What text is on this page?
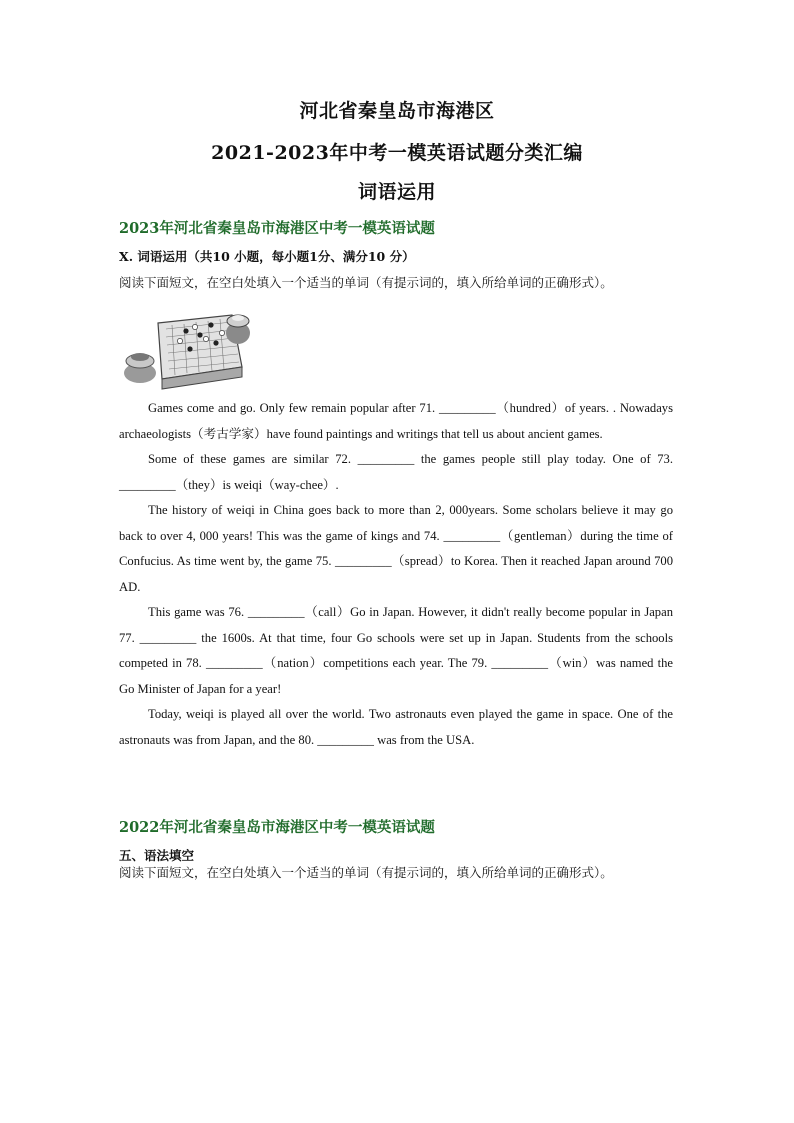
河北省秦皇岛市海港区
2021-2023年中考一模英语试题分类汇编
词语运用
2023年河北省秦皇岛市海港区中考一模英语试题
X. 词语运用（共10 小题，每小题1分、满分10 分）
阅读下面短文，在空白处填入一个适当的单词（有提示词的，填入所给单词的正确形式）。

Games come and go. Only few remain popular after 71. _________（hundred）of years. . Nowadays archaeologists（考古学家）have found paintings and writings that tell us about ancient games.

Some of these games are similar 72. _________ the games people still play today. One of 73. _________（they）is weiqi（way-chee）.

The history of weiqi in China goes back to more than 2, 000years. Some scholars believe it may go back to over 4, 000 years! This was the game of kings and 74. _________（gentleman）during the time of Confucius. As time went by, the game 75. _________（spread）to Korea. Then it reached Japan around 700 AD.

This game was 76. _________（call）Go in Japan. However, it didn't really become popular in Japan 77. _________ the 1600s. At that time, four Go schools were set up in Japan. Students from the schools competed in 78. _________（nation）competitions each year. The 79. _________（win）was named the Go Minister of Japan for a year!

Today, weiqi is played all over the world. Two astronauts even played the game in space. One of the astronauts was from Japan, and the 80. _________ was from the USA.

2022年河北省秦皇岛市海港区中考一模英语试题
五、语法填空
阅读下面短文，在空白处填入一个适当的单词（有提示词的，填入所给单词的正确形式）。
